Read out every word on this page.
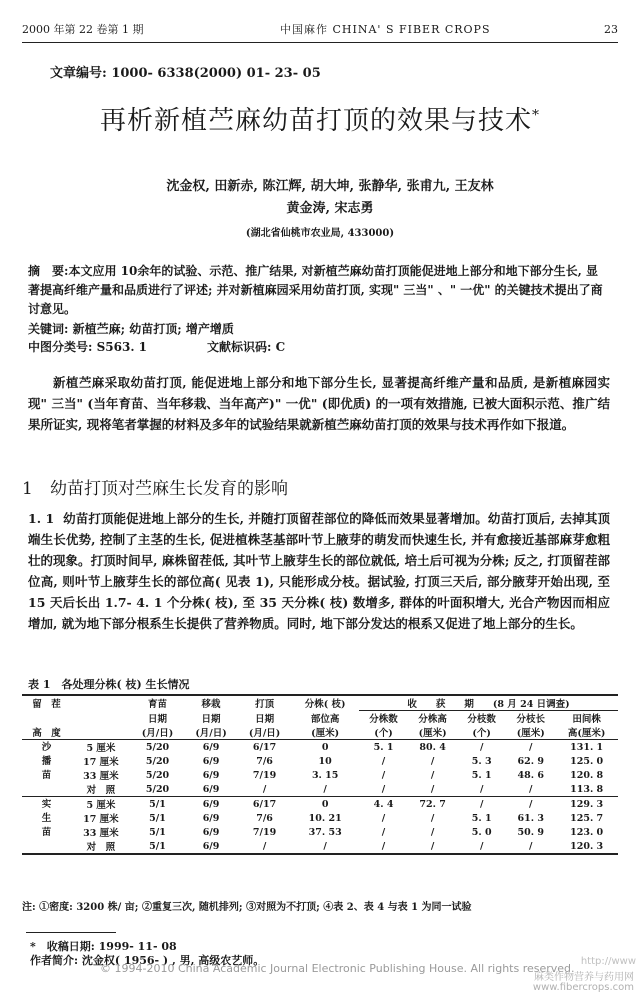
2000 年第 22 卷第 1 期	中国麻作 CHINA' S FIBER CROPS	23
文章编号: 1000- 6338(2000) 01- 23- 05
再析新植苎麻幼苗打顶的效果与技术*
沈金权, 田新赤, 陈江辉, 胡大坤, 张静华, 张甫九, 王友林
黄金涛, 宋志勇
(湖北省仙桃市农业局, 433000)
摘　要:本文应用 10余年的试验、示范、推广结果, 对新植苎麻幼苗打顶能促进地上部分和地下部分生长, 显著提高纤维产量和品质进行了评述; 并对新植麻园采用幼苗打顶, 实现" 三当" 、" 一优" 的关键技术提出了商讨意见。
关键词: 新植苎麻; 幼苗打顶; 增产增质
中图分类号: S563. 1	文献标识码: C
新植苎麻采取幼苗打顶, 能促进地上部分和地下部分生长, 显著提高纤维产量和品质, 是新植麻园实现" 三当" (当年育苗、当年移栽、当年高产)" 一优" (即优质) 的一项有效措施, 已被大面积示范、推广结果所证实, 现将笔者掌握的材料及多年的试验结果就新植苎麻幼苗打顶的效果与技术再作如下报道。
1 幼苗打顶对苎麻生长发育的影响
1. 1 幼苗打顶能促进地上部分的生长, 并随打顶留茬部位的降低而效果显著增加。幼苗打顶后, 去掉其顶端生长优势, 控制了主茎的生长, 促进植株茎基部叶节上腋芽的萌发而快速生长, 并有愈接近基部麻芽愈粗壮的现象。打顶时间早, 麻株留茬低, 其叶节上腋芽生长的部位就低, 培土后可视为分株; 反之, 打顶留茬部位高, 则叶节上腋芽生长的部位高( 见表 1), 只能形成分枝。据试验, 打顶三天后, 部分腋芽开始出现, 至 15 天后长出 1.7- 4. 1 个分株( 枝), 至 35 天分株( 枝) 数增多, 群体的叶面积增大, 光合产物因而相应增加, 就为地下部分根系生长提供了营养物质。同时, 地下部分发达的根系又促进了地上部分的生长。
表 1　各处理分株( 枝) 生长情况
留　茬		育苗	移栽	打顶	分株( 枝)	收　　获　　期　　(8 月 24 日调查)				
		日期	日期	日期	部位高	分株数	分株高	分枝数	分枝长	田间株
高　度		(月/日)	(月/日)	(月/日)	(厘米)	(个)	(厘米)	(个)	(厘米)	高(厘米)
沙	5 厘米	5/20	6/9	6/17	0	5. 1	80. 4	/	/	131. 1
播	17 厘米	5/20	6/9	7/6	10	/	/	5. 3	62. 9	125. 0
苗	33 厘米	5/20	6/9	7/19	3. 15	/	/	5. 1	48. 6	120. 8
	对　照	5/20	6/9	/	/	/	/	/	/	113. 8
实	5 厘米	5/1	6/9	6/17	0	4. 4	72. 7	/	/	129. 3
生	17 厘米	5/1	6/9	7/6	10. 21	/	/	5. 1	61. 3	125. 7
苗	33 厘米	5/1	6/9	7/19	37. 53	/	/	5. 0	50. 9	123. 0
	对　照	5/1	6/9	/	/	/	/	/	/	120. 3
注: ①密度: 3200 株/ 亩; ②重复三次, 随机排列; ③对照为不打顶; ④表 2、表 4 与表 1 为同一试验
*　收稿日期: 1999- 11- 08
作者简介: 沈金权( 1956- ) , 男, 高级农艺师。
© 1994-2010 China Academic Journal Electronic Publishing House. All rights reserved.
http://www
麻类作物营养与药用网
www.fibercrops.com
